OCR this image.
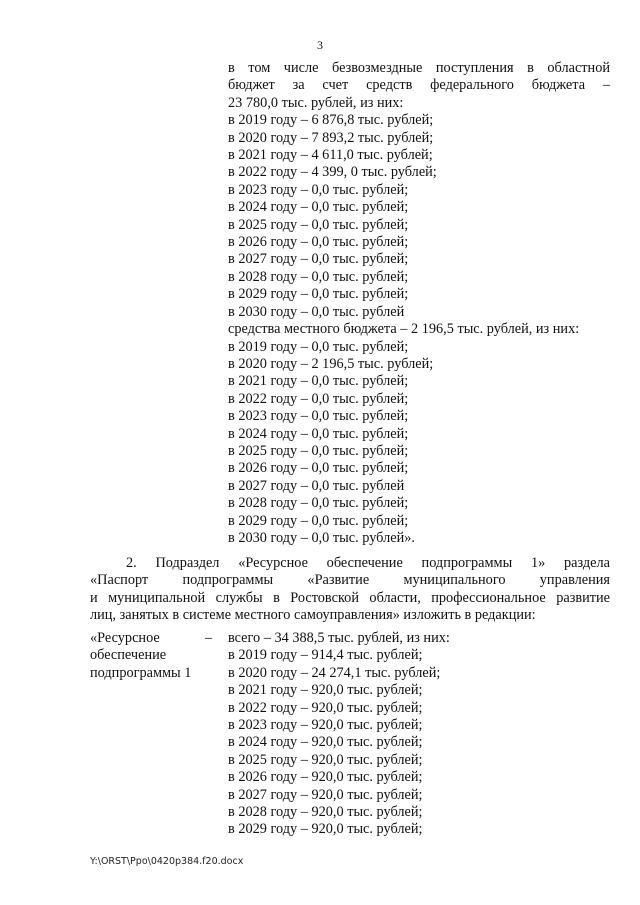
3
в том числе безвозмездные поступления в областной
бюджет за счет средств федерального бюджета –
23 780,0 тыс. рублей, из них:
в 2019 году – 6 876,8 тыс. рублей;
в 2020 году – 7 893,2 тыс. рублей;
в 2021 году – 4 611,0 тыс. рублей;
в 2022 году – 4 399, 0 тыс. рублей;
в 2023 году – 0,0 тыс. рублей;
в 2024 году – 0,0 тыс. рублей;
в 2025 году – 0,0 тыс. рублей;
в 2026 году – 0,0 тыс. рублей;
в 2027 году – 0,0 тыс. рублей;
в 2028 году – 0,0 тыс. рублей;
в 2029 году – 0,0 тыс. рублей;
в 2030 году – 0,0 тыс. рублей
средства местного бюджета – 2 196,5 тыс. рублей, из них:
в 2019 году – 0,0 тыс. рублей;
в 2020 году – 2 196,5 тыс. рублей;
в 2021 году – 0,0 тыс. рублей;
в 2022 году – 0,0 тыс. рублей;
в 2023 году – 0,0 тыс. рублей;
в 2024 году – 0,0 тыс. рублей;
в 2025 году – 0,0 тыс. рублей;
в 2026 году – 0,0 тыс. рублей;
в 2027 году – 0,0 тыс. рублей
в 2028 году – 0,0 тыс. рублей;
в 2029 году – 0,0 тыс. рублей;
в 2030 году – 0,0 тыс. рублей».
2. Подраздел «Ресурсное обеспечение подпрограммы 1» раздела
«Паспорт подпрограммы «Развитие муниципального управления
и муниципальной службы в Ростовской области, профессиональное развитие
лиц, занятых в системе местного самоуправления» изложить в редакции:
«Ресурсное
обеспечение
подпрограммы 1
– всего – 34 388,5 тыс. рублей, из них:
в 2019 году – 914,4 тыс. рублей;
в 2020 году – 24 274,1 тыс. рублей;
в 2021 году – 920,0 тыс. рублей;
в 2022 году – 920,0 тыс. рублей;
в 2023 году – 920,0 тыс. рублей;
в 2024 году – 920,0 тыс. рублей;
в 2025 году – 920,0 тыс. рублей;
в 2026 году – 920,0 тыс. рублей;
в 2027 году – 920,0 тыс. рублей;
в 2028 году – 920,0 тыс. рублей;
в 2029 году – 920,0 тыс. рублей;
Y:\ORST\Ppo\0420p384.f20.docx
